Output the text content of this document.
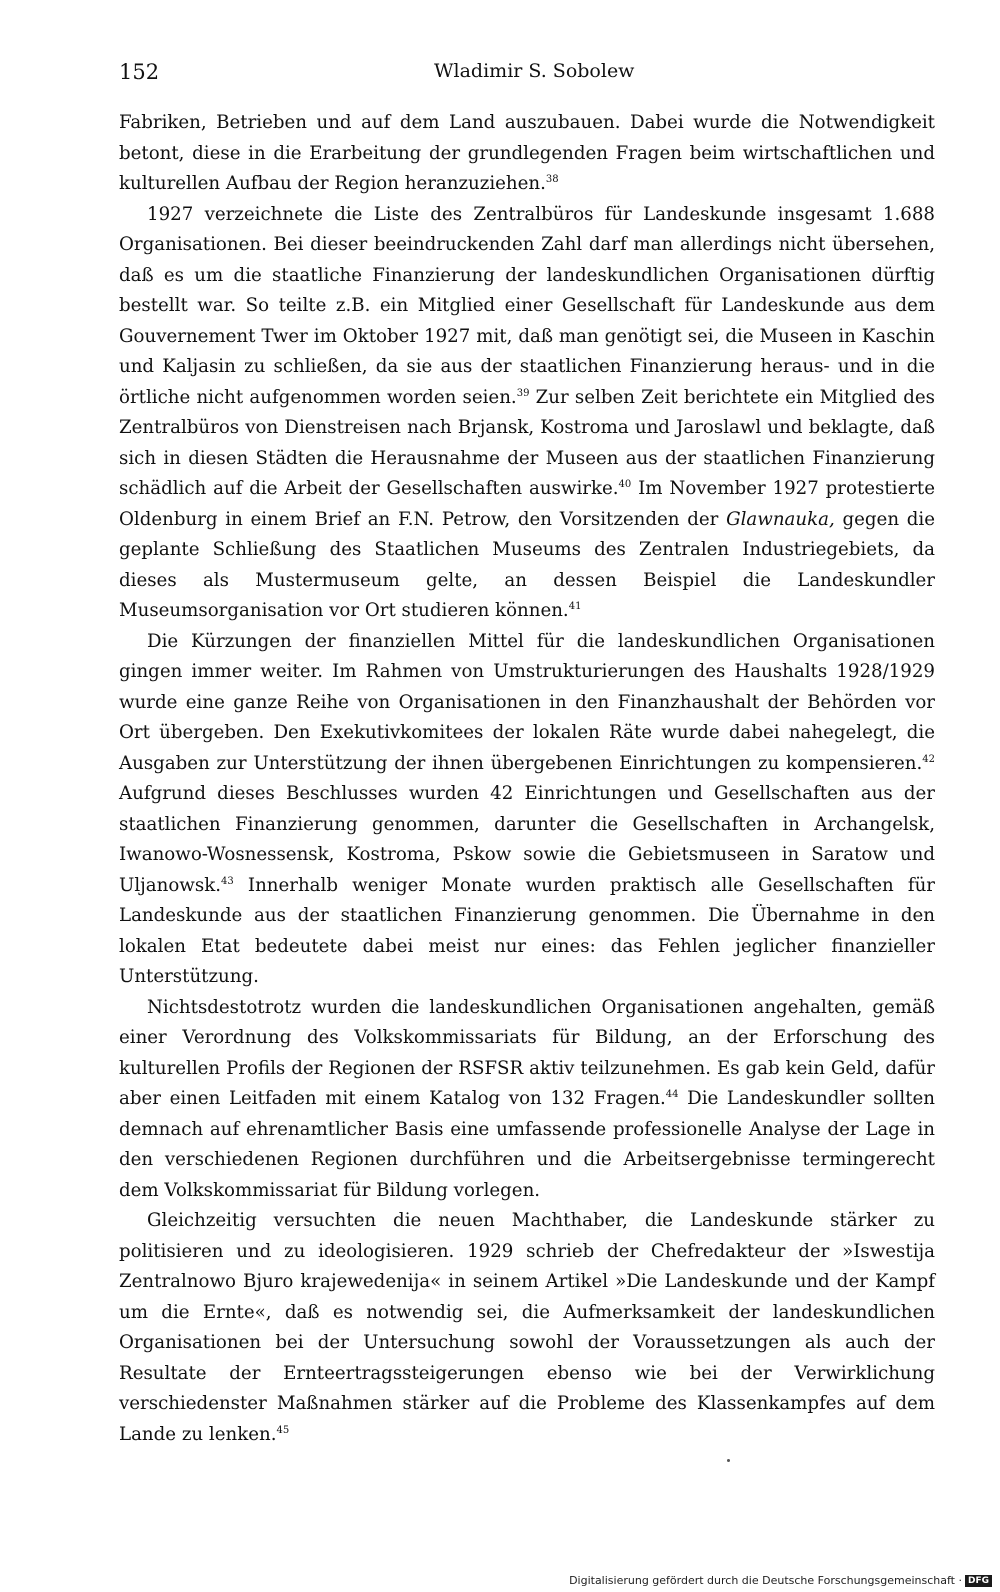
152	Wladimir S. Sobolew

Fabriken, Betrieben und auf dem Land auszubauen. Dabei wurde die Notwendigkeit betont, diese in die Erarbeitung der grundlegenden Fragen beim wirtschaftlichen und kulturellen Aufbau der Region heranzuziehen.$^{38}$

1927 verzeichnete die Liste des Zentralbüros für Landeskunde insgesamt 1.688 Organisationen. Bei dieser beeindruckenden Zahl darf man allerdings nicht übersehen, daß es um die staatliche Finanzierung der landeskundlichen Organisationen dürftig bestellt war. So teilte z.B. ein Mitglied einer Gesellschaft für Landeskunde aus dem Gouvernement Twer im Oktober 1927 mit, daß man genötigt sei, die Museen in Kaschin und Kaljasin zu schließen, da sie aus der staatlichen Finanzierung heraus- und in die örtliche nicht aufgenommen worden seien.$^{39}$ Zur selben Zeit berichtete ein Mitglied des Zentralbüros von Dienstreisen nach Brjansk, Kostroma und Jaroslawl und beklagte, daß sich in diesen Städten die Herausnahme der Museen aus der staatlichen Finanzierung schädlich auf die Arbeit der Gesellschaften auswirke.$^{40}$ Im November 1927 protestierte Oldenburg in einem Brief an F.N. Petrow, den Vorsitzenden der Glawnauka, gegen die geplante Schließung des Staatlichen Museums des Zentralen Industriegebiets, da dieses als Mustermuseum gelte, an dessen Beispiel die Landeskundler Museumsorganisation vor Ort studieren können.$^{41}$

Die Kürzungen der finanziellen Mittel für die landeskundlichen Organisationen gingen immer weiter. Im Rahmen von Umstrukturierungen des Haushalts 1928/1929 wurde eine ganze Reihe von Organisationen in den Finanzhaushalt der Behörden vor Ort übergeben. Den Exekutivkomitees der lokalen Räte wurde dabei nahegelegt, die Ausgaben zur Unterstützung der ihnen übergebenen Einrichtungen zu kompensieren.$^{42}$ Aufgrund dieses Beschlusses wurden 42 Einrichtungen und Gesellschaften aus der staatlichen Finanzierung genommen, darunter die Gesellschaften in Archangelsk, Iwanowo-Wosnessensk, Kostroma, Pskow sowie die Gebietsmuseen in Saratow und Uljanowsk.$^{43}$ Innerhalb weniger Monate wurden praktisch alle Gesellschaften für Landeskunde aus der staatlichen Finanzierung genommen. Die Übernahme in den lokalen Etat bedeutete dabei meist nur eines: das Fehlen jeglicher finanzieller Unterstützung.

Nichtsdestotrotz wurden die landeskundlichen Organisationen angehalten, gemäß einer Verordnung des Volkskommissariats für Bildung, an der Erforschung des kulturellen Profils der Regionen der RSFSR aktiv teilzunehmen. Es gab kein Geld, dafür aber einen Leitfaden mit einem Katalog von 132 Fragen.$^{44}$ Die Landeskundler sollten demnach auf ehrenamtlicher Basis eine umfassende professionelle Analyse der Lage in den verschiedenen Regionen durchführen und die Arbeitsergebnisse termingerecht dem Volkskommissariat für Bildung vorlegen.

Gleichzeitig versuchten die neuen Machthaber, die Landeskunde stärker zu politisieren und zu ideologisieren. 1929 schrieb der Chefredakteur der »Iswestija Zentralnowo Bjuro krajewedenija« in seinem Artikel »Die Landeskunde und der Kampf um die Ernte«, daß es notwendig sei, die Aufmerksamkeit der landeskundlichen Organisationen bei der Untersuchung sowohl der Voraussetzungen als auch der Resultate der Ernteertragssteigerungen ebenso wie bei der Verwirklichung verschiedenster Maßnahmen stärker auf die Probleme des Klassenkampfes auf dem Lande zu lenken.$^{45}$

Digitalisierung gefördert durch die Deutsche Forschungsgemeinschaft · DFG
